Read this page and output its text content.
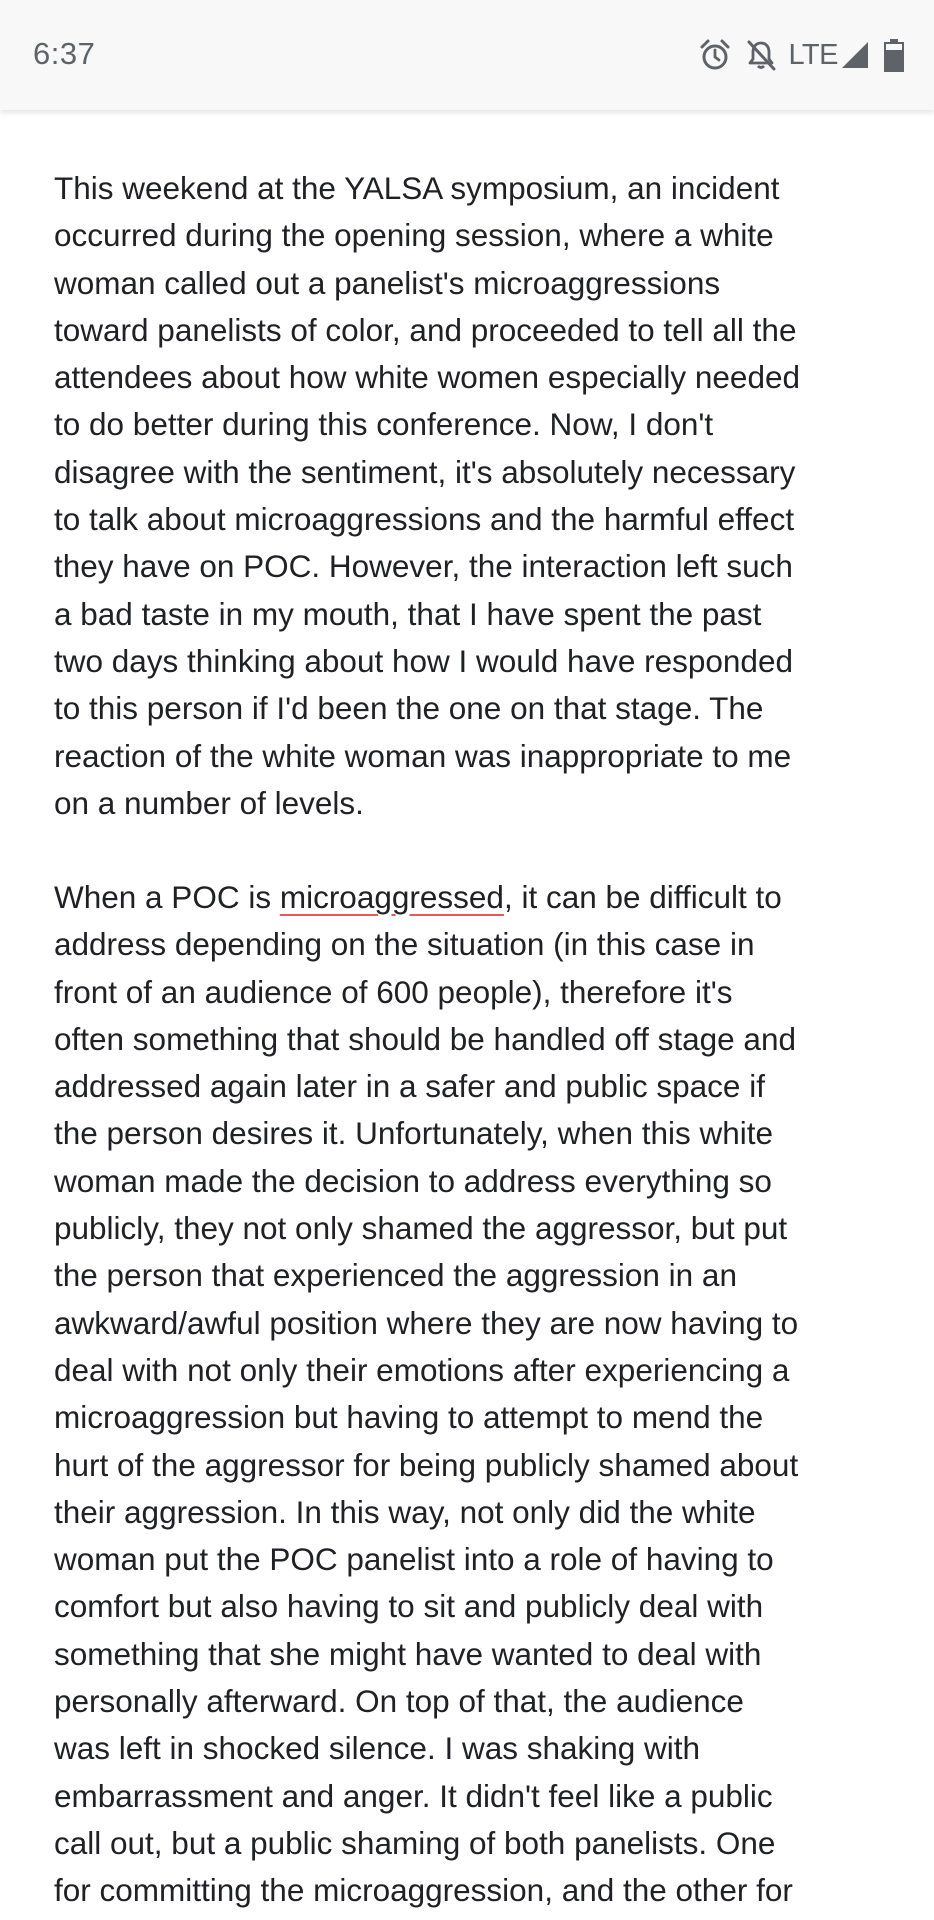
6:37	LTE

This weekend at the YALSA symposium, an incident
occurred during the opening session, where a white
woman called out a panelist's microaggressions
toward panelists of color, and proceeded to tell all the
attendees about how white women especially needed
to do better during this conference. Now, I don't
disagree with the sentiment, it's absolutely necessary
to talk about microaggressions and the harmful effect
they have on POC. However, the interaction left such
a bad taste in my mouth, that I have spent the past
two days thinking about how I would have responded
to this person if I'd been the one on that stage. The
reaction of the white woman was inappropriate to me
on a number of levels.

When a POC is microaggressed, it can be difficult to
address depending on the situation (in this case in
front of an audience of 600 people), therefore it's
often something that should be handled off stage and
addressed again later in a safer and public space if
the person desires it. Unfortunately, when this white
woman made the decision to address everything so
publicly, they not only shamed the aggressor, but put
the person that experienced the aggression in an
awkward/awful position where they are now having to
deal with not only their emotions after experiencing a
microaggression but having to attempt to mend the
hurt of the aggressor for being publicly shamed about
their aggression. In this way, not only did the white
woman put the POC panelist into a role of having to
comfort but also having to sit and publicly deal with
something that she might have wanted to deal with
personally afterward. On top of that, the audience
was left in shocked silence. I was shaking with
embarrassment and anger. It didn't feel like a public
call out, but a public shaming of both panelists. One
for committing the microaggression, and the other for
